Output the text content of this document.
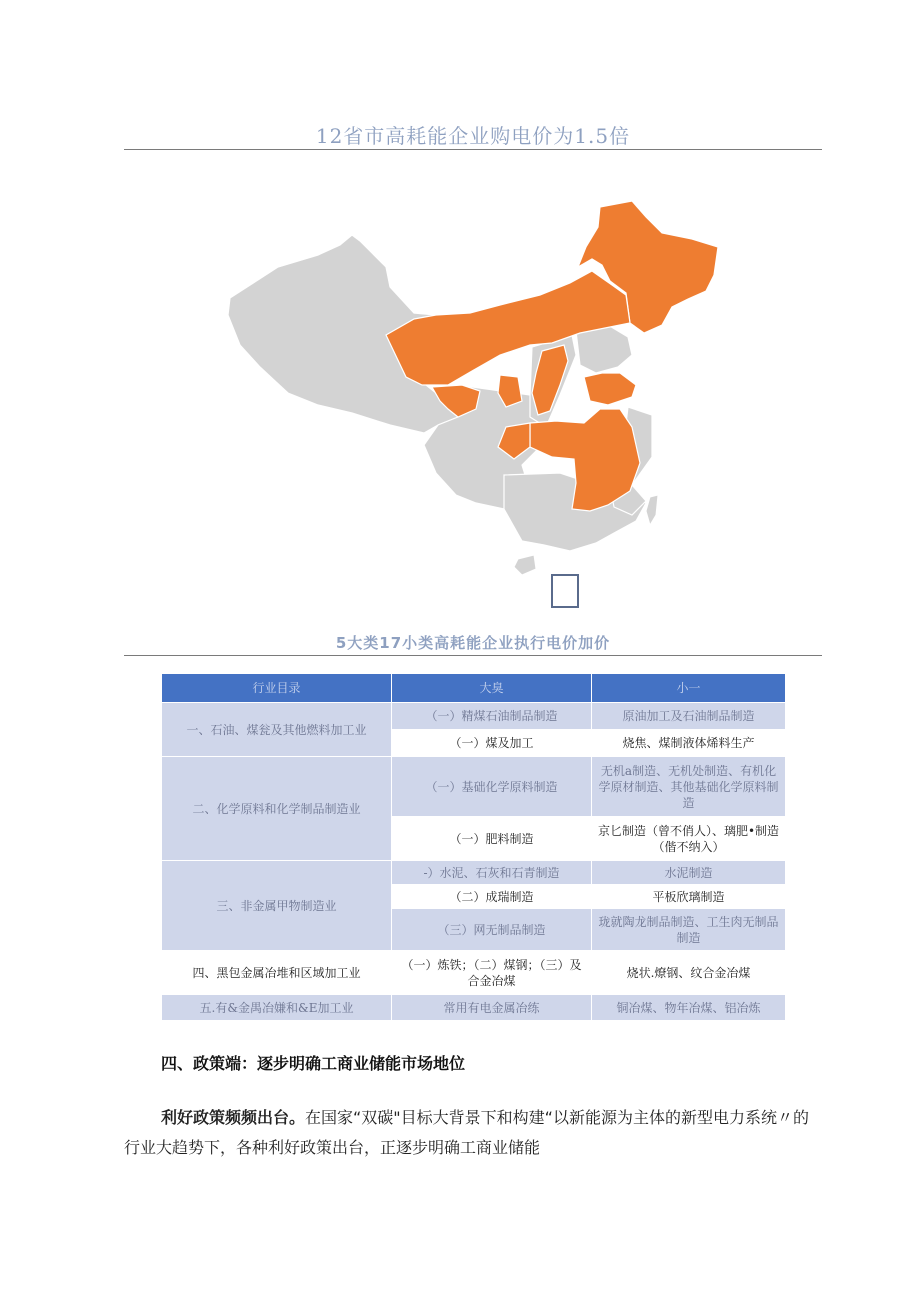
12省市高耗能企业购电价为1.5倍
5大类17小类高耗能企业执行电价加价
行业目录	大臭	小一
一、石油、煤瓮及其他燃料加工业	（一）精煤石油制品制造	原油加工及石油制品制造
	（一）煤及加工	烧焦、煤制液体烯料生产
二、化学原料和化学制品制造业	（一）基础化学原料制造	无机a制造、无机处制造、有机化学原材制造、其他基础化学原料制造
	（一）肥料制造	京匕制造（曾不俏人）、璃肥•制造（偕不纳入）
三、非金属甲物制造业	-）水泥、石灰和石青制造	水泥制造
	（二）成瑞制造	平板欣璃制造
	（三）网无制品制造	珑就陶龙制品制造、工生肉无制品制造
四、黑包金属冶堆和区域加工业	（一）炼铁；（二）煤钢；（三）及合金冶煤	烧状.燎钢、纹合金冶煤
五.有&金禺冶嫌和&E加工业	常用有电金属冶练	铜冶煤、物年冶煤、铝冶炼
四、政策端：逐步明确工商业储能市场地位
利好政策频频出台。在国家“双碳"目标大背景下和构建“以新能源为主体的新型电力系统〃的行业大趋势下，各种利好政策出台，正逐步明确工商业储能
